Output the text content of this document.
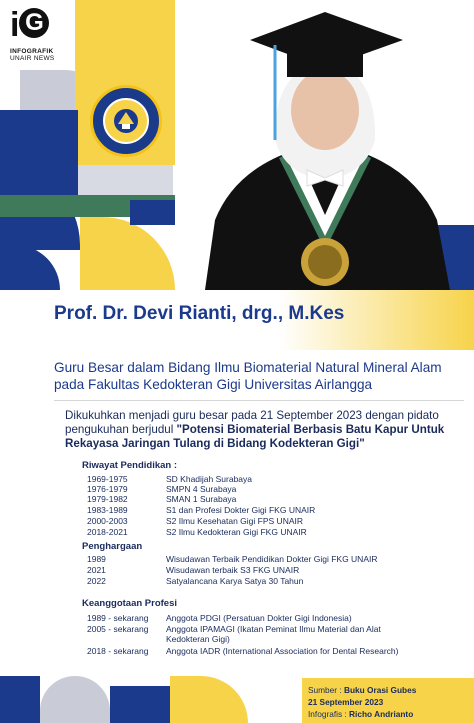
i G
INFOGRAFIK
UNAIR NEWS
Prof. Dr. Devi Rianti, drg., M.Kes
Guru Besar dalam Bidang Ilmu Biomaterial Natural Mineral Alam pada Fakultas Kedokteran Gigi Universitas Airlangga
Dikukuhkan menjadi guru besar pada 21 September 2023 dengan pidato pengukuhan berjudul "Potensi Biomaterial Berbasis Batu Kapur Untuk Rekayasa Jaringan Tulang di Bidang Kodekteran Gigi"
Riwayat Pendidikan :
1969-1975	SD Khadijah Surabaya
1976-1979	SMPN 4 Surabaya
1979-1982	SMAN 1 Surabaya
1983-1989	S1 dan Profesi Dokter Gigi FKG UNAIR
2000-2003	S2 Ilmu Kesehatan Gigi FPS UNAIR
2018-2021	S2 Ilmu Kedokteran Gigi FKG UNAIR
Penghargaan
1989	Wisudawan Terbaik Pendidikan Dokter Gigi FKG UNAIR
2021	Wisudawan terbaik S3 FKG UNAIR
2022	Satyalancana Karya Satya 30 Tahun
Keanggotaan Profesi
1989 - sekarang Anggota PDGI (Persatuan Dokter Gigi Indonesia)
2005 - sekarang Anggota IPAMAGI (Ikatan Peminat Ilmu Material dan Alat Kedokteran Gigi)
2018 - sekarang Anggota IADR (International Association for Dental Research)
Sumber : Buku Orasi Gubes
21 September 2023
Infografis : Richo Andrianto
